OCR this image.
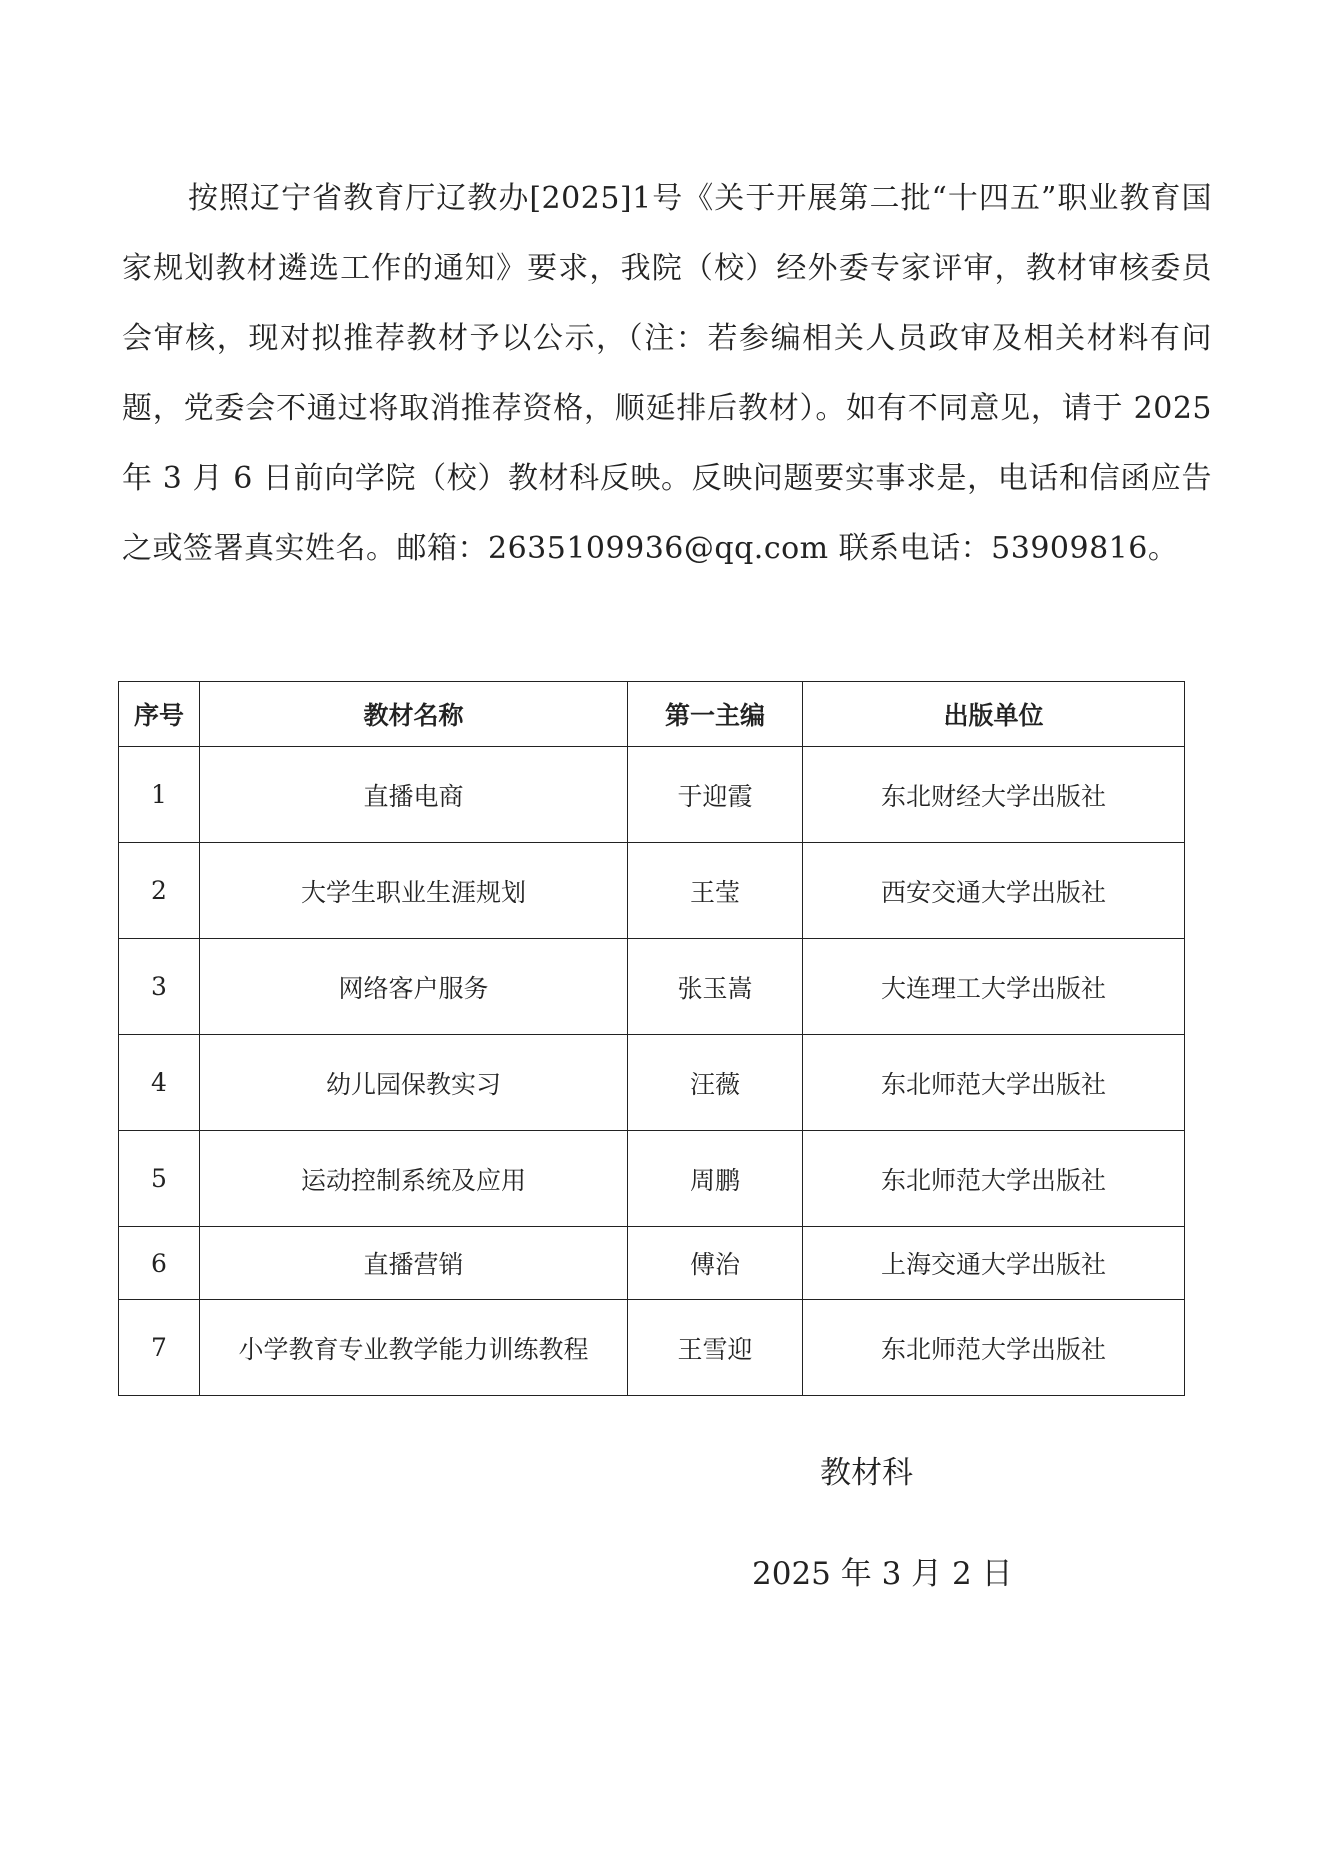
按照辽宁省教育厅辽教办[2025]1号《关于开展第二批“十四五”职业教育国家规划教材遴选工作的通知》要求，我院（校）经外委专家评审，教材审核委员会审核，现对拟推荐教材予以公示，（注：若参编相关人员政审及相关材料有问题，党委会不通过将取消推荐资格，顺延排后教材）。如有不同意见，请于 2025 年 3 月 6 日前向学院（校）教材科反映。反映问题要实事求是，电话和信函应告之或签署真实姓名。邮箱：2635109936@qq.com 联系电话：53909816。

序号	教材名称	第一主编	出版单位
1	直播电商	于迎霞	东北财经大学出版社
2	大学生职业生涯规划	王莹	西安交通大学出版社
3	网络客户服务	张玉嵩	大连理工大学出版社
4	幼儿园保教实习	汪薇	东北师范大学出版社
5	运动控制系统及应用	周鹏	东北师范大学出版社
6	直播营销	傅治	上海交通大学出版社
7	小学教育专业教学能力训练教程	王雪迎	东北师范大学出版社

教材科

2025 年 3 月 2 日
